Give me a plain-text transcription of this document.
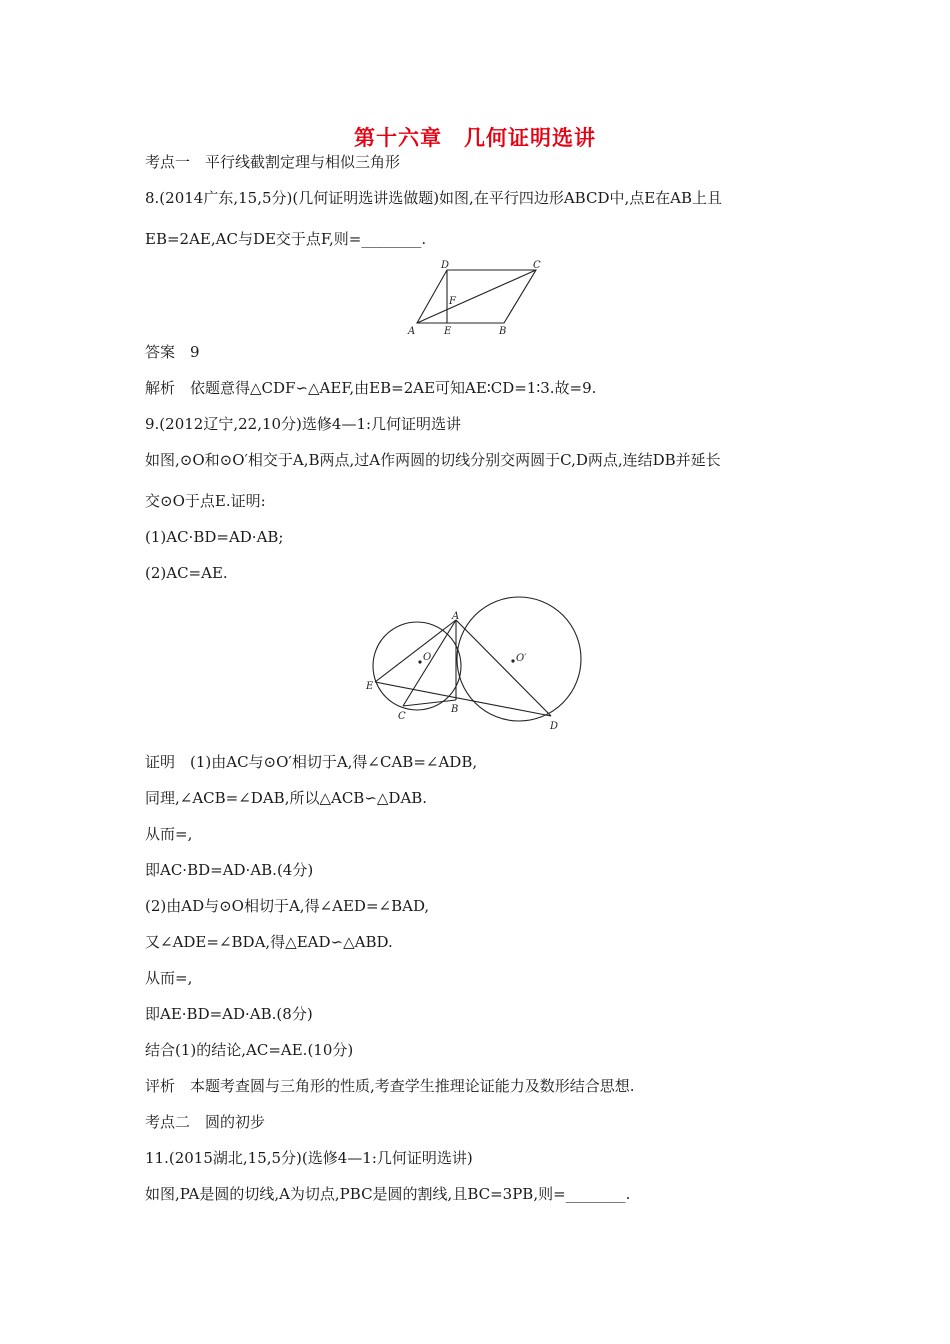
第十六章　几何证明选讲
考点一　平行线截割定理与相似三角形
8.(2014广东,15,5分)(几何证明选讲选做题)如图,在平行四边形ABCD中,点E在AB上且
EB=2AE,AC与DE交于点F,则=________.
A	E	B
D	C
F
答案　9
解析　依题意得△CDF∽△AEF,由EB=2AE可知AE∶CD=1∶3.故=9.
9.(2012辽宁,22,10分)选修4—1:几何证明选讲
如图,⊙O和⊙O′相交于A,B两点,过A作两圆的切线分别交两圆于C,D两点,连结DB并延长
交⊙O于点E.证明:
(1)AC·BD=AD·AB;
(2)AC=AE.
A
B
C
D
E
O	O′
证明　(1)由AC与⊙O′相切于A,得∠CAB=∠ADB,
同理,∠ACB=∠DAB,所以△ACB∽△DAB.
从而=,
即AC·BD=AD·AB.(4分)
(2)由AD与⊙O相切于A,得∠AED=∠BAD,
又∠ADE=∠BDA,得△EAD∽△ABD.
从而=,
即AE·BD=AD·AB.(8分)
结合(1)的结论,AC=AE.(10分)
评析　本题考查圆与三角形的性质,考查学生推理论证能力及数形结合思想.
考点二　圆的初步
11.(2015湖北,15,5分)(选修4—1:几何证明选讲)
如图,PA是圆的切线,A为切点,PBC是圆的割线,且BC=3PB,则=________.
